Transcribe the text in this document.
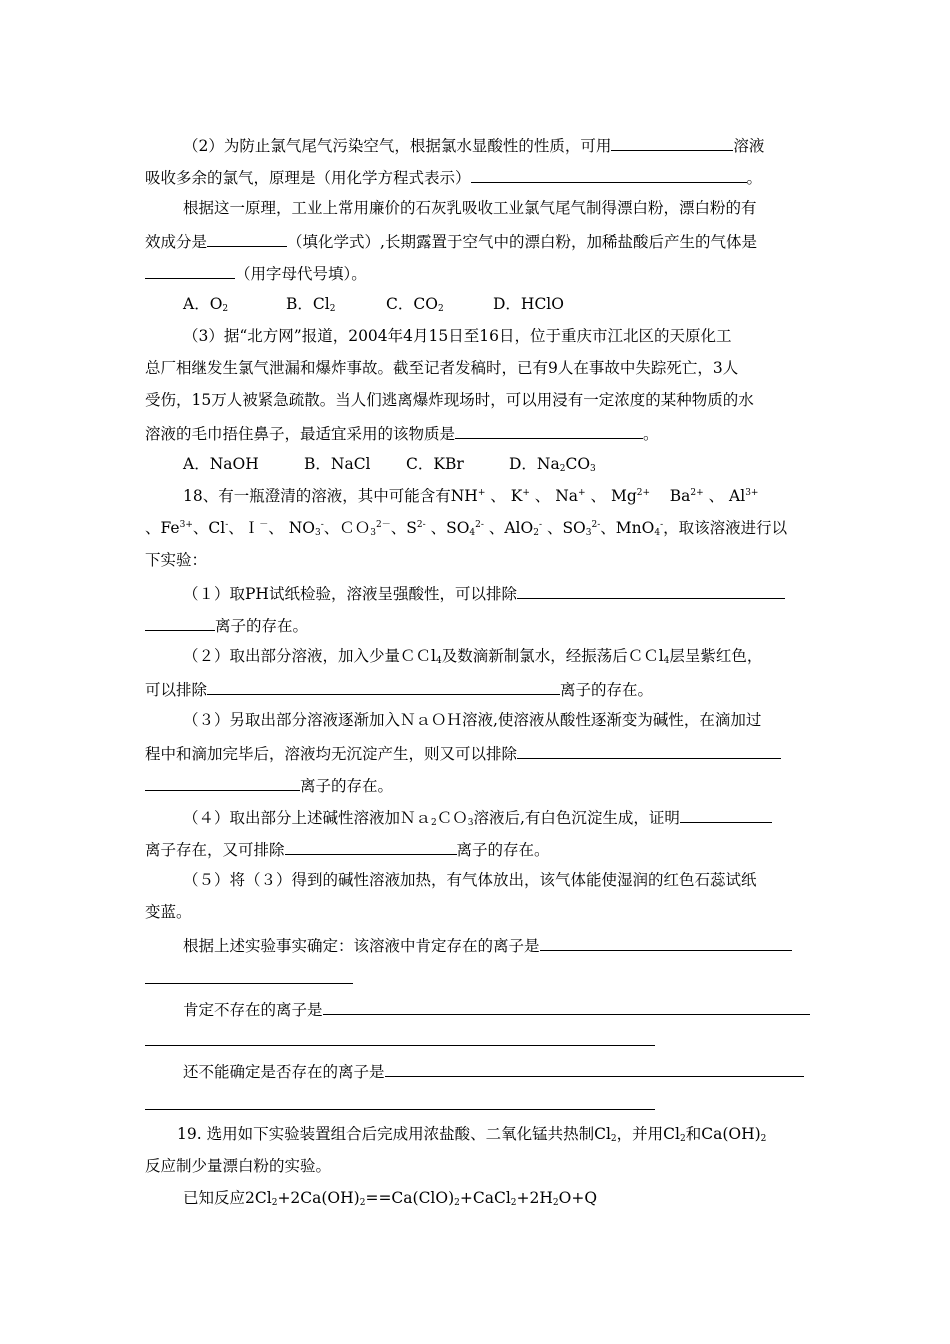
（2）为防止氯气尾气污染空气，根据氯水显酸性的性质，可用	溶液
吸收多余的氯气，原理是（用化学方程式表示）	。
根据这一原理，工业上常用廉价的石灰乳吸收工业氯气尾气制得漂白粉，漂白粉的有
效成分是	（填化学式）,长期露置于空气中的漂白粉，加稀盐酸后产生的气体是
（用字母代号填）。
A．$O_2$	B．$Cl_2$	C．$CO_2$	D．HClO
（3）据“北方网”报道，2004年4月15日至16日，位于重庆市江北区的天原化工
总厂相继发生氯气泄漏和爆炸事故。截至记者发稿时，已有9人在事故中失踪死亡，3人
受伤，15万人被紧急疏散。当人们逃离爆炸现场时，可以用浸有一定浓度的某种物质的水
溶液的毛巾捂住鼻子，最适宜采用的该物质是	。
A．NaOH	B．NaCl C．KBr	D．$Na_2CO_3$
18、有一瓶澄清的溶液，其中可能含有NH+ 、 K+ 、 Na+ 、 $Mg^{2+}$ $Ba^{2+}$ 、 $Al^{3+}$
、$Fe^{3+}$、Cl-、Ｉ－、 $NO_3^-$、ＣＯ$_3^{2-}$、$S^{2-}$ 、$SO_4^{2-}$ 、AlO$_2$- 、$SO_3^{2-}$、MnO$_4$-，取该溶液进行以
下实验：
（１）取PH试纸检验，溶液呈强酸性，可以排除
离子的存在。
（２）取出部分溶液，加入少量ＣＣl$_4$及数滴新制氯水，经振荡后ＣＣl$_4$层呈紫红色，
可以排除	离子的存在。
（３）另取出部分溶液逐渐加入ＮａＯＨ溶液,使溶液从酸性逐渐变为碱性，在滴加过
程中和滴加完毕后，溶液均无沉淀产生，则又可以排除
离子的存在。
（４）取出部分上述碱性溶液加Ｎａ$_2$ＣＯ$_3$溶液后,有白色沉淀生成，证明
离子存在，又可排除	离子的存在。
（５）将（３）得到的碱性溶液加热，有气体放出，该气体能使湿润的红色石蕊试纸
变蓝。
根据上述实验事实确定：该溶液中肯定存在的离子是
肯定不存在的离子是
还不能确定是否存在的离子是
19. 选用如下实验装置组合后完成用浓盐酸、二氧化锰共热制$Cl_2$，并用$Cl_2$和$Ca(OH)_2$
反应制少量漂白粉的实验。
已知反应$2Cl_2+2Ca(OH)_2==Ca(ClO)_2+CaCl_2+2H_2O+Q$
